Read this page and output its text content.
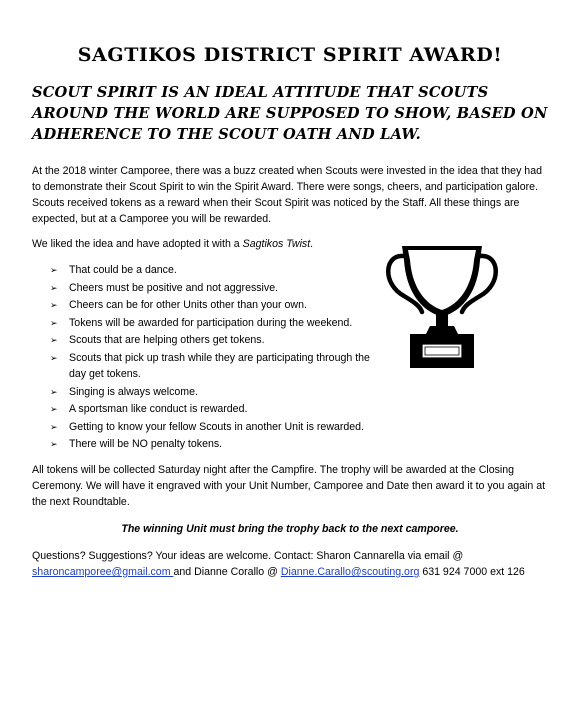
SAGTIKOS DISTRICT SPIRIT AWARD!

SCOUT SPIRIT IS AN IDEAL ATTITUDE THAT SCOUTS AROUND THE WORLD ARE SUPPOSED TO SHOW, BASED ON ADHERENCE TO THE SCOUT OATH AND LAW.

At the 2018 winter Camporee, there was a buzz created when Scouts were invested in the idea that they had to demonstrate their Scout Spirit to win the Spirit Award. There were songs, cheers, and participation galore. Scouts received tokens as a reward when their Scout Spirit was noticed by the Staff. All these things are expected, but at a Camporee you will be rewarded.

We liked the idea and have adopted it with a Sagtikos Twist.

➢ That could be a dance.
➢ Cheers must be positive and not aggressive.
➢ Cheers can be for other Units other than your own.
➢ Tokens will be awarded for participation during the weekend.
➢ Scouts that are helping others get tokens.
➢ Scouts that pick up trash while they are participating through the day get tokens.
➢ Singing is always welcome.
➢ A sportsman like conduct is rewarded.
➢ Getting to know your fellow Scouts in another Unit is rewarded.
➢ There will be NO penalty tokens.

All tokens will be collected Saturday night after the Campfire. The trophy will be awarded at the Closing Ceremony. We will have it engraved with your Unit Number, Camporee and Date then award it to you again at the next Roundtable.

The winning Unit must bring the trophy back to the next camporee.

Questions? Suggestions? Your ideas are welcome. Contact: Sharon Cannarella via email @
sharoncamporee@gmail.com and Dianne Corallo @ Dianne.Carallo@scouting.org 631 924 7000 ext 126
